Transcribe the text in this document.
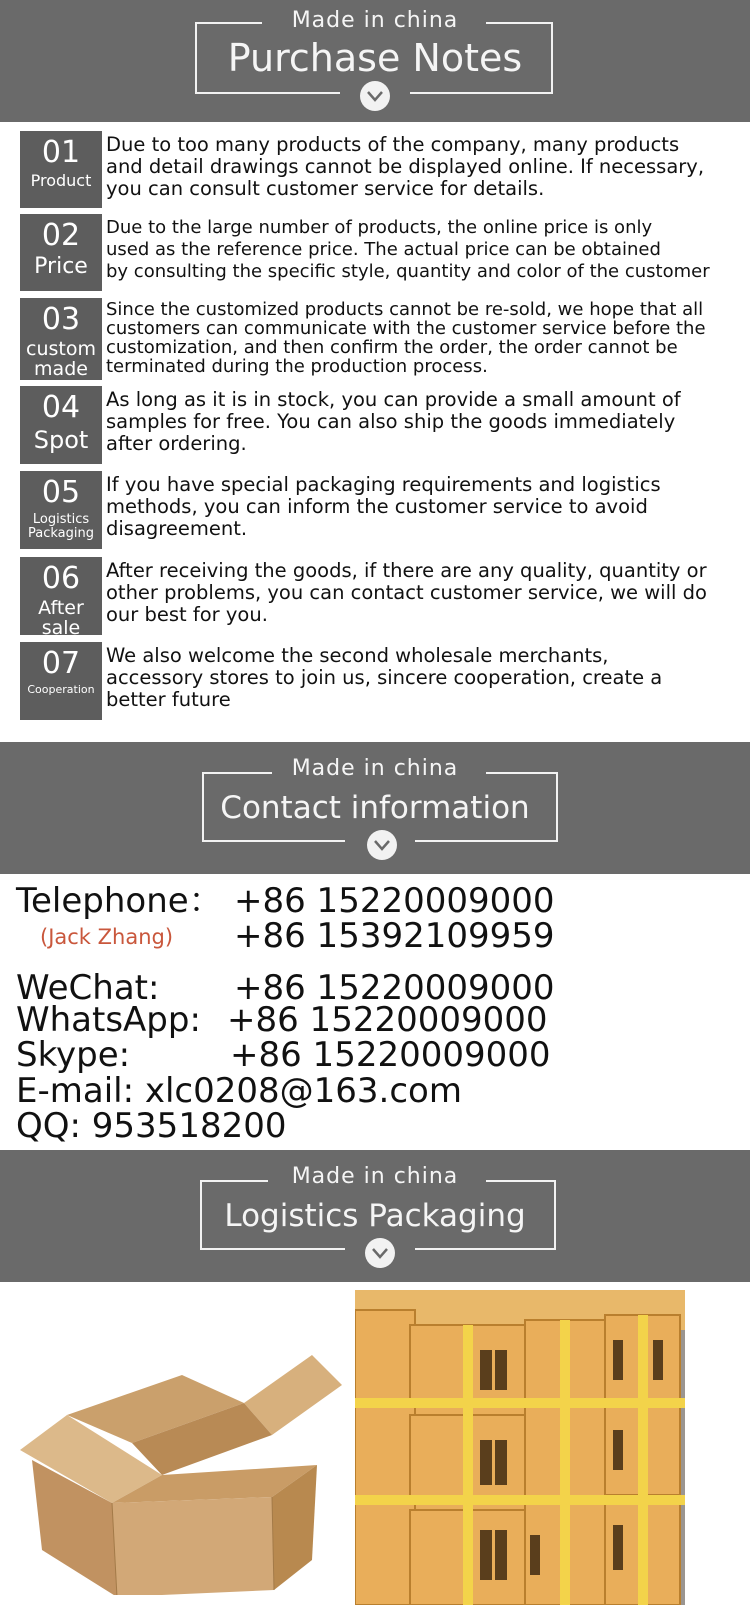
Made in china
Purchase Notes
01
Product
Due to too many products of the company, many products
and detail drawings cannot be displayed online. If necessary,
you can consult customer service for details.
02
Price
Due to the large number of products, the online price is only
used as the reference price. The actual price can be obtained
by consulting the specific style, quantity and color of the customer
03
custom
made
Since the customized products cannot be re-sold, we hope that all
customers can communicate with the customer service before the
customization, and then confirm the order, the order cannot be
terminated during the production process.
04
Spot
As long as it is in stock, you can provide a small amount of
samples for free. You can also ship the goods immediately
after ordering.
05
Logistics
Packaging
If you have special packaging requirements and logistics
methods, you can inform the customer service to avoid
disagreement.
06
After
sale
After receiving the goods, if there are any quality, quantity or
other problems, you can contact customer service, we will do
our best for you.
07
Cooperation
We also welcome the second wholesale merchants,
accessory stores to join us, sincere cooperation, create a
better future
Made in china
Contact information
Telephone： +86 15220009000
(Jack Zhang) +86 15392109959
WeChat: +86 15220009000
WhatsApp: +86 15220009000
Skype:	+86 15220009000
E-mail: xlc0208@163.com
QQ: 953518200
Made in china
Logistics Packaging
